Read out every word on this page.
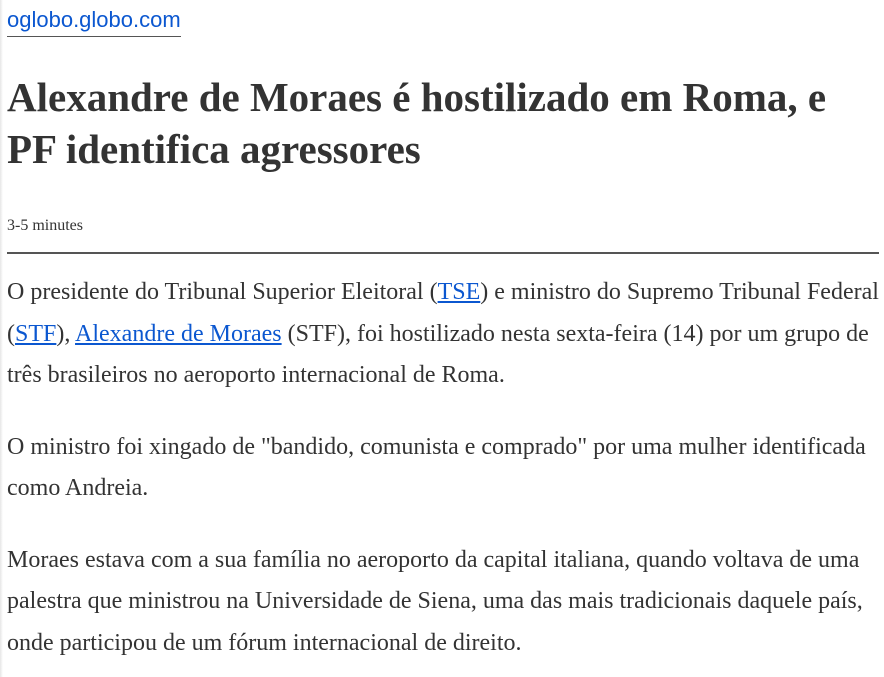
oglobo.globo.com
Alexandre de Moraes é hostilizado em Roma, e PF identifica agressores
3-5 minutes

O presidente do Tribunal Superior Eleitoral (TSE) e ministro do Supremo Tribunal Federal (STF), Alexandre de Moraes (STF), foi hostilizado nesta sexta-feira (14) por um grupo de três brasileiros no aeroporto internacional de Roma.

O ministro foi xingado de "bandido, comunista e comprado" por uma mulher identificada como Andreia.

Moraes estava com a sua família no aeroporto da capital italiana, quando voltava de uma palestra que ministrou na Universidade de Siena, uma das mais tradicionais daquele país, onde participou de um fórum internacional de direito.
